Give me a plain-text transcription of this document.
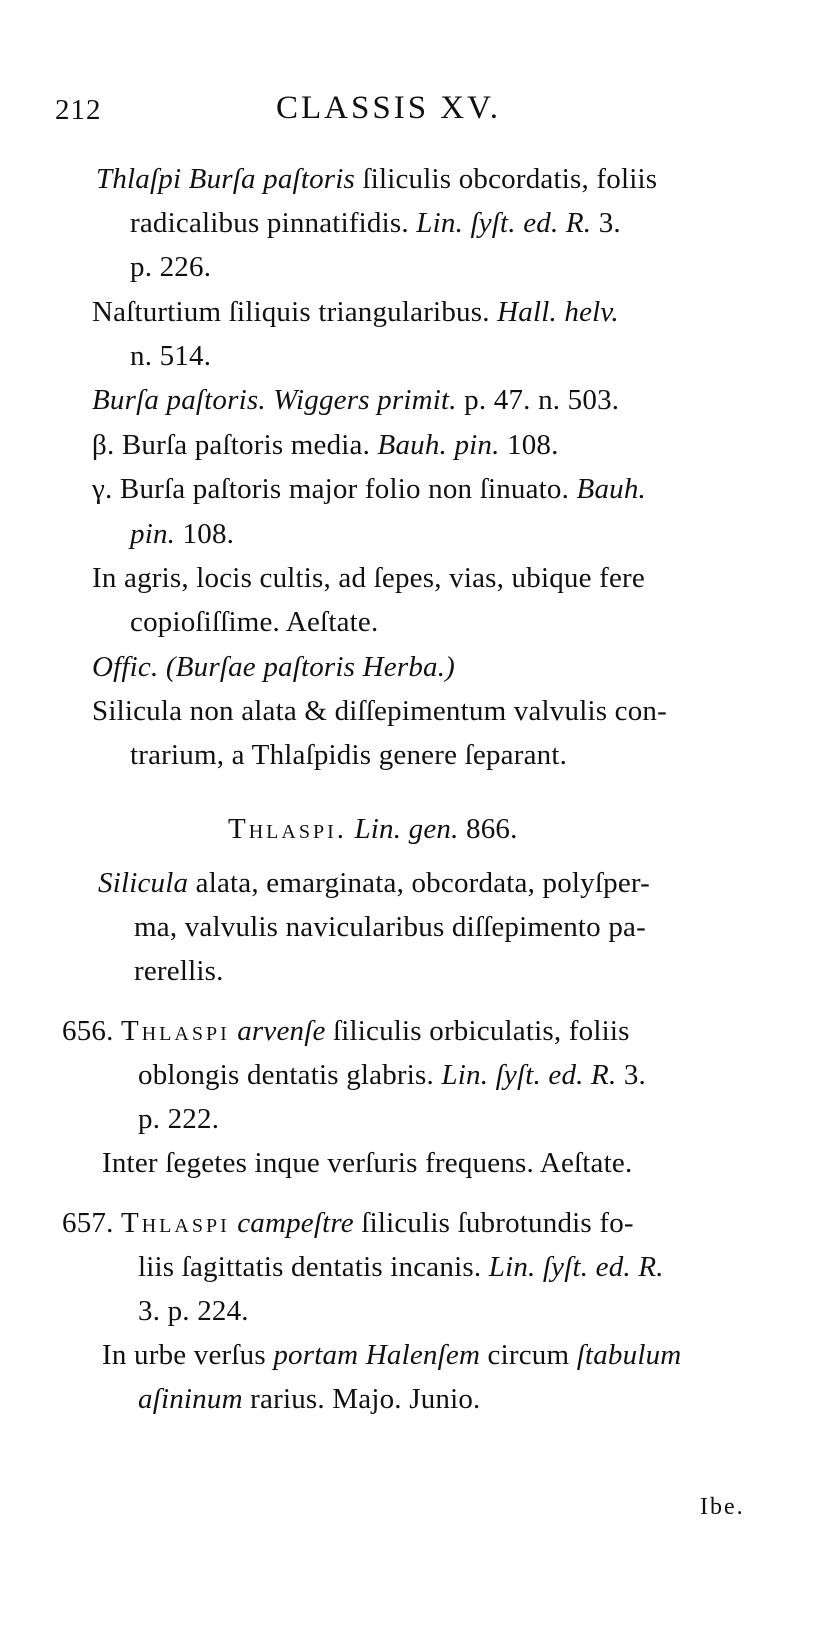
212	CLASSIS XV.
Thlaſpi Burſa paſtoris ſiliculis obcordatis, foliis
radicalibus pinnatifidis. Lin. ſyſt. ed. R. 3.
p. 226.
Naſturtium ſiliquis triangularibus. Hall. helv.
n. 514.
Burſa paſtoris. Wiggers primit. p. 47. n. 503.
β. Burſa paſtoris media. Bauh. pin. 108.
γ. Burſa paſtoris major folio non ſinuato. Bauh.
pin. 108.
In agris, locis cultis, ad ſepes, vias, ubique fere
copioſiſſime. Aeſtate.
Offic. (Burſae paſtoris Herba.)
Silicula non alata & diſſepimentum valvulis con-
trarium, a Thlaſpidis genere ſeparant.
Thlaspi. Lin. gen. 866.
Silicula alata, emarginata, obcordata, polyſper-
ma, valvulis navicularibus diſſepimento pa-
rerellis.
656. Thlaspi arvenſe ſiliculis orbiculatis, foliis
oblongis dentatis glabris. Lin. ſyſt. ed. R. 3.
p. 222.
Inter ſegetes inque verſuris frequens. Aeſtate.
657. Thlaspi campeſtre ſiliculis ſubrotundis fo-
liis ſagittatis dentatis incanis. Lin. ſyſt. ed. R.
3. p. 224.
In urbe verſus portam Halenſem circum ſtabulum
aſininum rarius. Majo. Junio.
Ibe.
